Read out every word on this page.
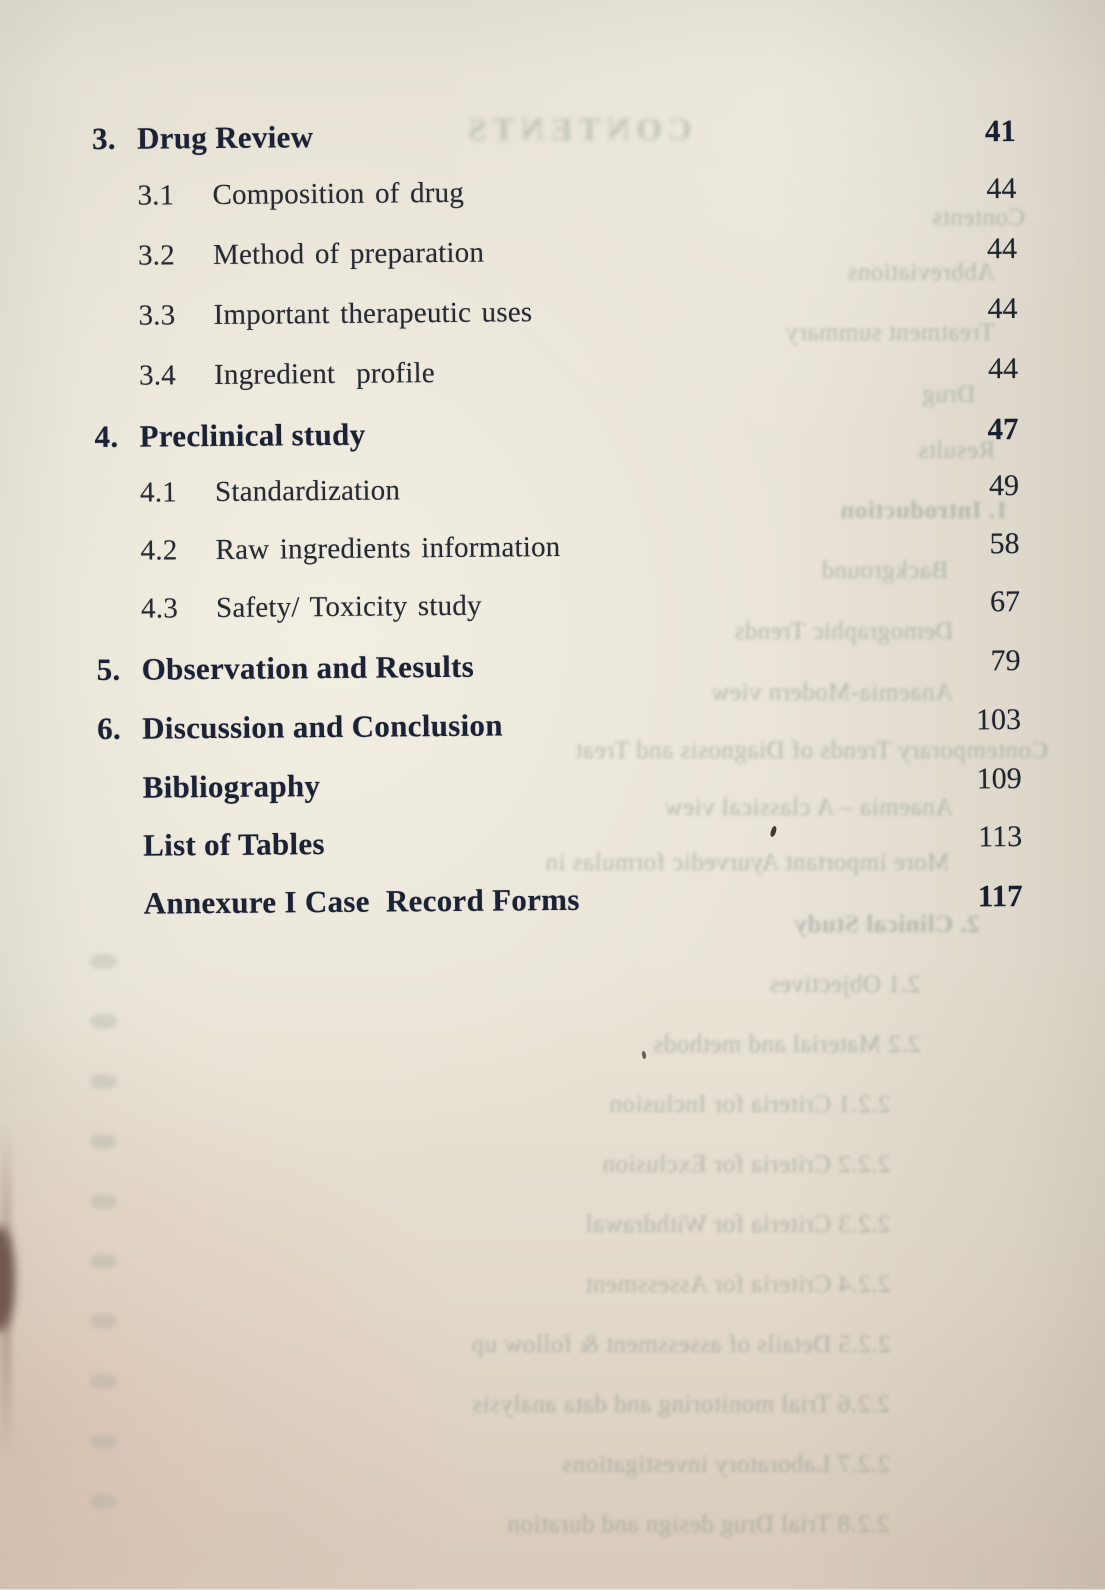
CONTENTS
Contents
Abbreviations
Treatment summary
Drug
Results
1. Introduction
Background
Demographic Trends
Anaemia-Modern view
Contemporary Trends of Diagnosis and Treat
Anaemia – A classical view
More important Ayurvedic formulas in
2. Clinical Study
2.1 Objectives
2.2 Material and methods
2.2.1 Criteria for Inclusion
2.2.2 Criteria for Exclusion
2.2.3 Criteria for Withdrawal
2.2.4 Criteria for Assessment
2.2.5 Details of assessment & follow up
2.2.6 Trial monitoring and data analysis
2.2.7 Laboratory investigations
2.2.8 Trial Drug design and duration
3. Drug Review	41
3.1 Composition of drug	44
3.2 Method of preparation	44
3.3 Important therapeutic uses	44
3.4 Ingredient  profile	44
4. Preclinical study	47
4.1 Standardization	49
4.2 Raw ingredients information	58
4.3 Safety/ Toxicity study	67
5. Observation and Results	79
6. Discussion and Conclusion	103
Bibliography	109
List of Tables	113
Annexure I Case  Record Forms	117
